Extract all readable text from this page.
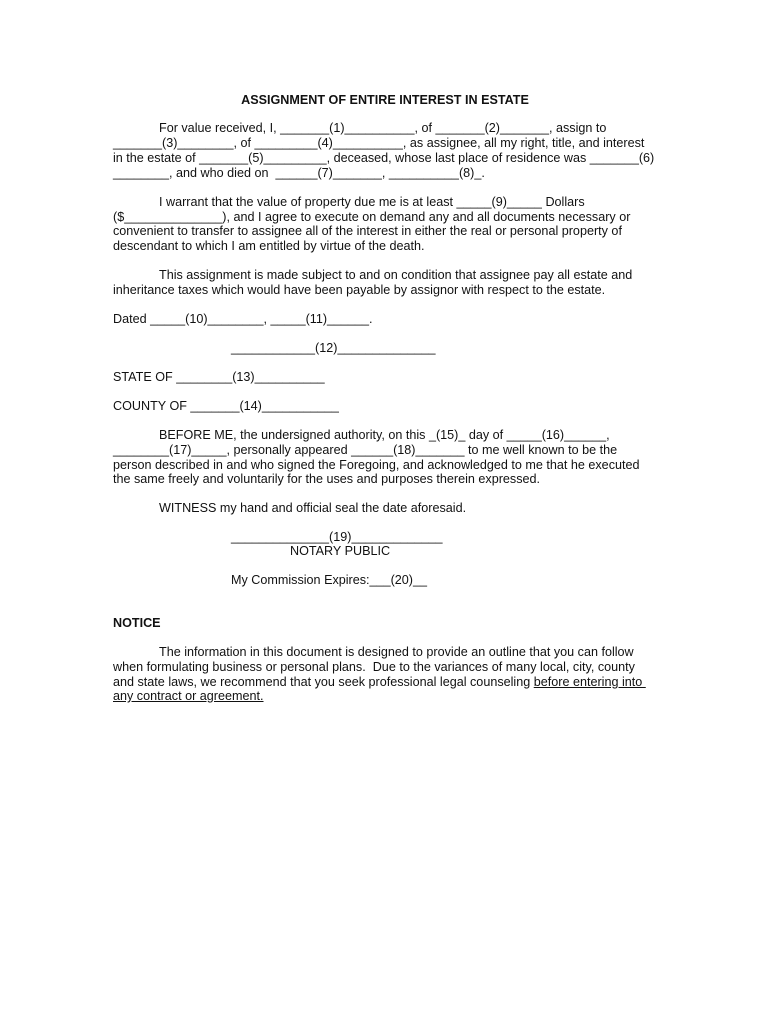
ASSIGNMENT OF ENTIRE INTEREST IN ESTATE
For value received, I, _______(1)__________, of _______(2)_______, assign to
_______(3)________, of _________(4)__________, as assignee, all my right, title, and interest
in the estate of _______(5)_________, deceased, whose last place of residence was _______(6)
________, and who died on  ______(7)_______, __________(8)_.
I warrant that the value of property due me is at least _____(9)_____ Dollars
($______________), and I agree to execute on demand any and all documents necessary or
convenient to transfer to assignee all of the interest in either the real or personal property of
descendant to which I am entitled by virtue of the death.
This assignment is made subject to and on condition that assignee pay all estate and
inheritance taxes which would have been payable by assignor with respect to the estate.
Dated _____(10)________, _____(11)______.
____________(12)______________
STATE OF ________(13)__________
COUNTY OF _______(14)___________
BEFORE ME, the undersigned authority, on this _(15)_ day of _____(16)______,
________(17)_____, personally appeared ______(18)_______ to me well known to be the
person described in and who signed the Foregoing, and acknowledged to me that he executed
the same freely and voluntarily for the uses and purposes therein expressed.
WITNESS my hand and official seal the date aforesaid.
______________(19)_____________
NOTARY PUBLIC
My Commission Expires:___(20)__
NOTICE
The information in this document is designed to provide an outline that you can follow
when formulating business or personal plans.  Due to the variances of many local, city, county
and state laws, we recommend that you seek professional legal counseling before entering into
any contract or agreement.
